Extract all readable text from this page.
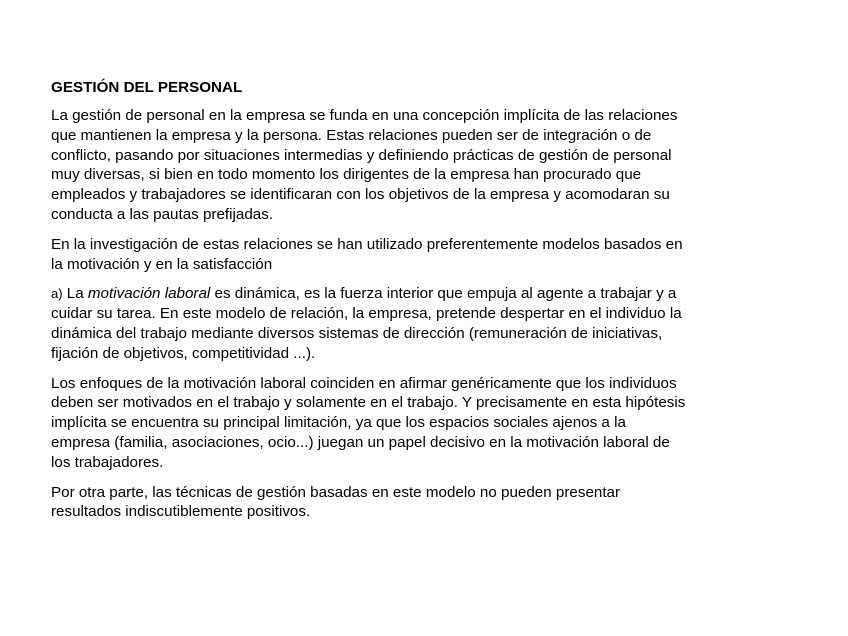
GESTIÓN DEL PERSONAL
La gestión de personal en la empresa se funda en una concepción implícita de las relaciones
que mantienen la empresa y la persona. Estas relaciones pueden ser de integración o de
conflicto, pasando por situaciones intermedias y definiendo prácticas de gestión de personal
muy diversas, si bien en todo momento los dirigentes de la empresa han procurado que
empleados y trabajadores se identificaran con los objetivos de la empresa y acomodaran su
conducta a las pautas prefijadas.
En la investigación de estas relaciones se han utilizado preferentemente modelos basados en
la motivación y en la satisfacción
a) La motivación laboral es dinámica, es la fuerza interior que empuja al agente a trabajar y a
cuidar su tarea. En este modelo de relación, la empresa, pretende despertar en el individuo la
dinámica del trabajo mediante diversos sistemas de dirección (remuneración de iniciativas,
fijación de objetivos, competitividad ...).
Los enfoques de la motivación laboral coinciden en afirmar genéricamente que los individuos
deben ser motivados en el trabajo y solamente en el trabajo. Y precisamente en esta hipótesis
implícita se encuentra su principal limitación, ya que los espacios sociales ajenos a la
empresa (familia, asociaciones, ocio...) juegan un papel decisivo en la motivación laboral de
los trabajadores.
Por otra parte, las técnicas de gestión basadas en este modelo no pueden presentar
resultados indiscutiblemente positivos.
